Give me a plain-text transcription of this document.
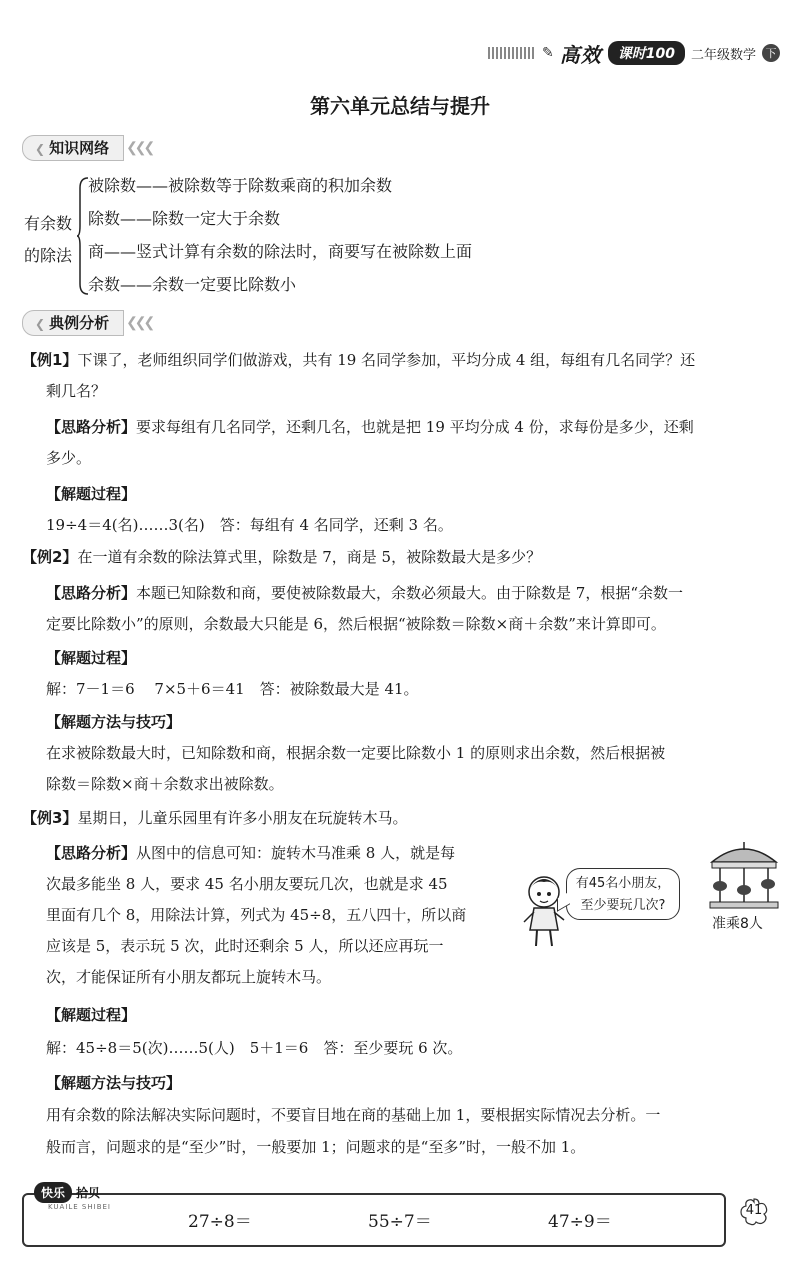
✎ 高效	课时100	二年级数学 下
第六单元总结与提升
❮ 知识网络	❮❮❮
有余数
的除法
被除数——被除数等于除数乘商的积加余数
除数——除数一定大于余数
商——竖式计算有余数的除法时，商要写在被除数上面
余数——余数一定要比除数小
❮ 典例分析	❮❮❮
【例1】下课了，老师组织同学们做游戏，共有 19 名同学参加，平均分成 4 组，每组有几名同学？还
剩几名？
【思路分析】要求每组有几名同学，还剩几名，也就是把 19 平均分成 4 份，求每份是多少，还剩
多少。
【解题过程】
19÷4＝4(名)……3(名)　答：每组有 4 名同学，还剩 3 名。
【例2】在一道有余数的除法算式里，除数是 7，商是 5，被除数最大是多少？
【思路分析】本题已知除数和商，要使被除数最大，余数必须最大。由于除数是 7，根据“余数一
定要比除数小”的原则，余数最大只能是 6，然后根据“被除数＝除数×商＋余数”来计算即可。
【解题过程】
解：7－1＝6　 7×5＋6＝41　答：被除数最大是 41。
【解题方法与技巧】
在求被除数最大时，已知除数和商，根据余数一定要比除数小 1 的原则求出余数，然后根据被
除数＝除数×商＋余数求出被除数。
【例3】星期日，儿童乐园里有许多小朋友在玩旋转木马。
【思路分析】从图中的信息可知：旋转木马准乘 8 人，就是每
次最多能坐 8 人，要求 45 名小朋友要玩几次，也就是求 45
里面有几个 8，用除法计算，列式为 45÷8，五八四十，所以商
应该是 5，表示玩 5 次，此时还剩余 5 人，所以还应再玩一
次，才能保证所有小朋友都玩上旋转木马。
有45名小朋友，
至少要玩几次?
准乘8人
【解题过程】
解：45÷8＝5(次)……5(人)　5＋1＝6　答：至少要玩 6 次。
【解题方法与技巧】
用有余数的除法解决实际问题时，不要盲目地在商的基础上加 1，要根据实际情况去分析。一
般而言，问题求的是“至少”时，一般要加 1；问题求的是“至多”时，一般不加 1。
快乐 拾贝
KUAILE SHIBEI
27÷8＝	55÷7＝	47÷9＝
41
